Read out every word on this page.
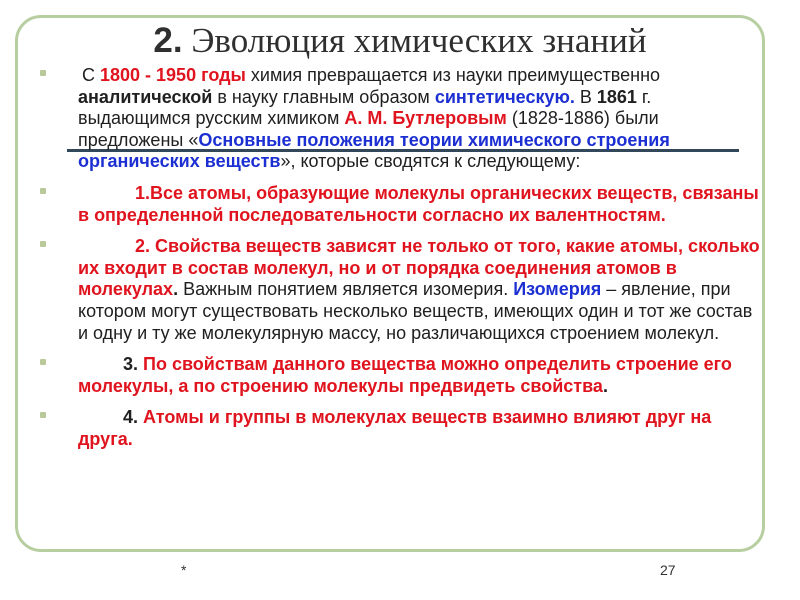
2. Эволюция химических знаний
С 1800 - 1950 годы химия превращается из науки преимущественно аналитической в науку главным образом синтетическую. В 1861 г. выдающимся русским химиком А. М. Бутлеровым (1828-1886) были предложены «Основные положения теории химического строения органических веществ», которые сводятся к следующему:
1.Все атомы, образующие молекулы органических веществ, связаны в определенной последовательности согласно их валентностям.
2. Свойства веществ зависят не только от того, какие атомы, сколько их входит в состав молекул, но и от порядка соединения атомов в молекулах. Важным понятием является изомерия. Изомерия – явление, при котором могут существовать несколько веществ, имеющих один и тот же состав и одну и ту же молекулярную массу, но различающихся строением молекул.
3. По свойствам данного вещества можно определить строение его молекулы, а по строению молекулы предвидеть свойства.
4. Атомы и группы в молекулах веществ взаимно влияют друг на друга.
*	27
